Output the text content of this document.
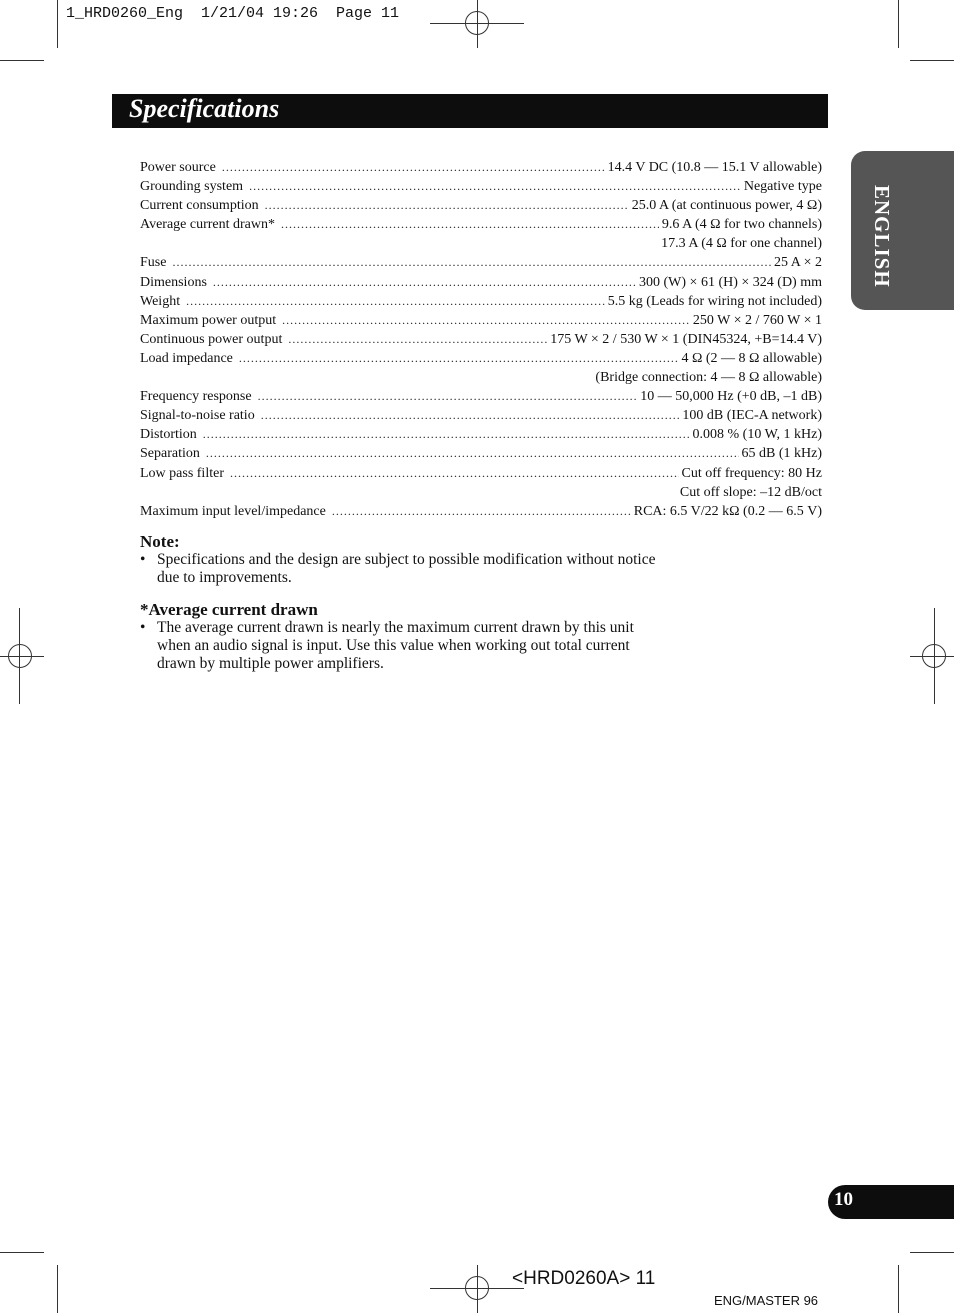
1_HRD0260_Eng  1/21/04 19:26  Page 11
Specifications
ENGLISH
Power source .....	14.4 V DC (10.8 — 15.1 V allowable)
Grounding system .....	Negative type
Current consumption .....	25.0 A (at continuous power, 4 Ω)
Average current drawn* .....	9.6 A (4 Ω for two channels)
17.3 A (4 Ω for one channel)
Fuse .....	25 A × 2
Dimensions .....	300 (W) × 61 (H) × 324 (D) mm
Weight .....	5.5 kg (Leads for wiring not included)
Maximum power output .....	250 W × 2 / 760 W × 1
Continuous power output .....	175 W × 2 / 530 W × 1 (DIN45324, +B=14.4 V)
Load impedance .....	4 Ω (2 — 8 Ω allowable)
(Bridge connection: 4 — 8 Ω allowable)
Frequency response .....	10 — 50,000 Hz (+0 dB, –1 dB)
Signal-to-noise ratio .....	100 dB (IEC-A network)
Distortion .....	0.008 % (10 W, 1 kHz)
Separation .....	65 dB (1 kHz)
Low pass filter .....	Cut off frequency: 80 Hz
Cut off slope: –12 dB/oct
Maximum input level/impedance .....	RCA: 6.5 V/22 kΩ (0.2 — 6.5 V)
Note:
• Specifications and the design are subject to possible modification without notice
due to improvements.
*Average current drawn
• The average current drawn is nearly the maximum current drawn by this unit
when an audio signal is input. Use this value when working out total current
drawn by multiple power amplifiers.
10
<HRD0260A> 11
ENG/MASTER 96
